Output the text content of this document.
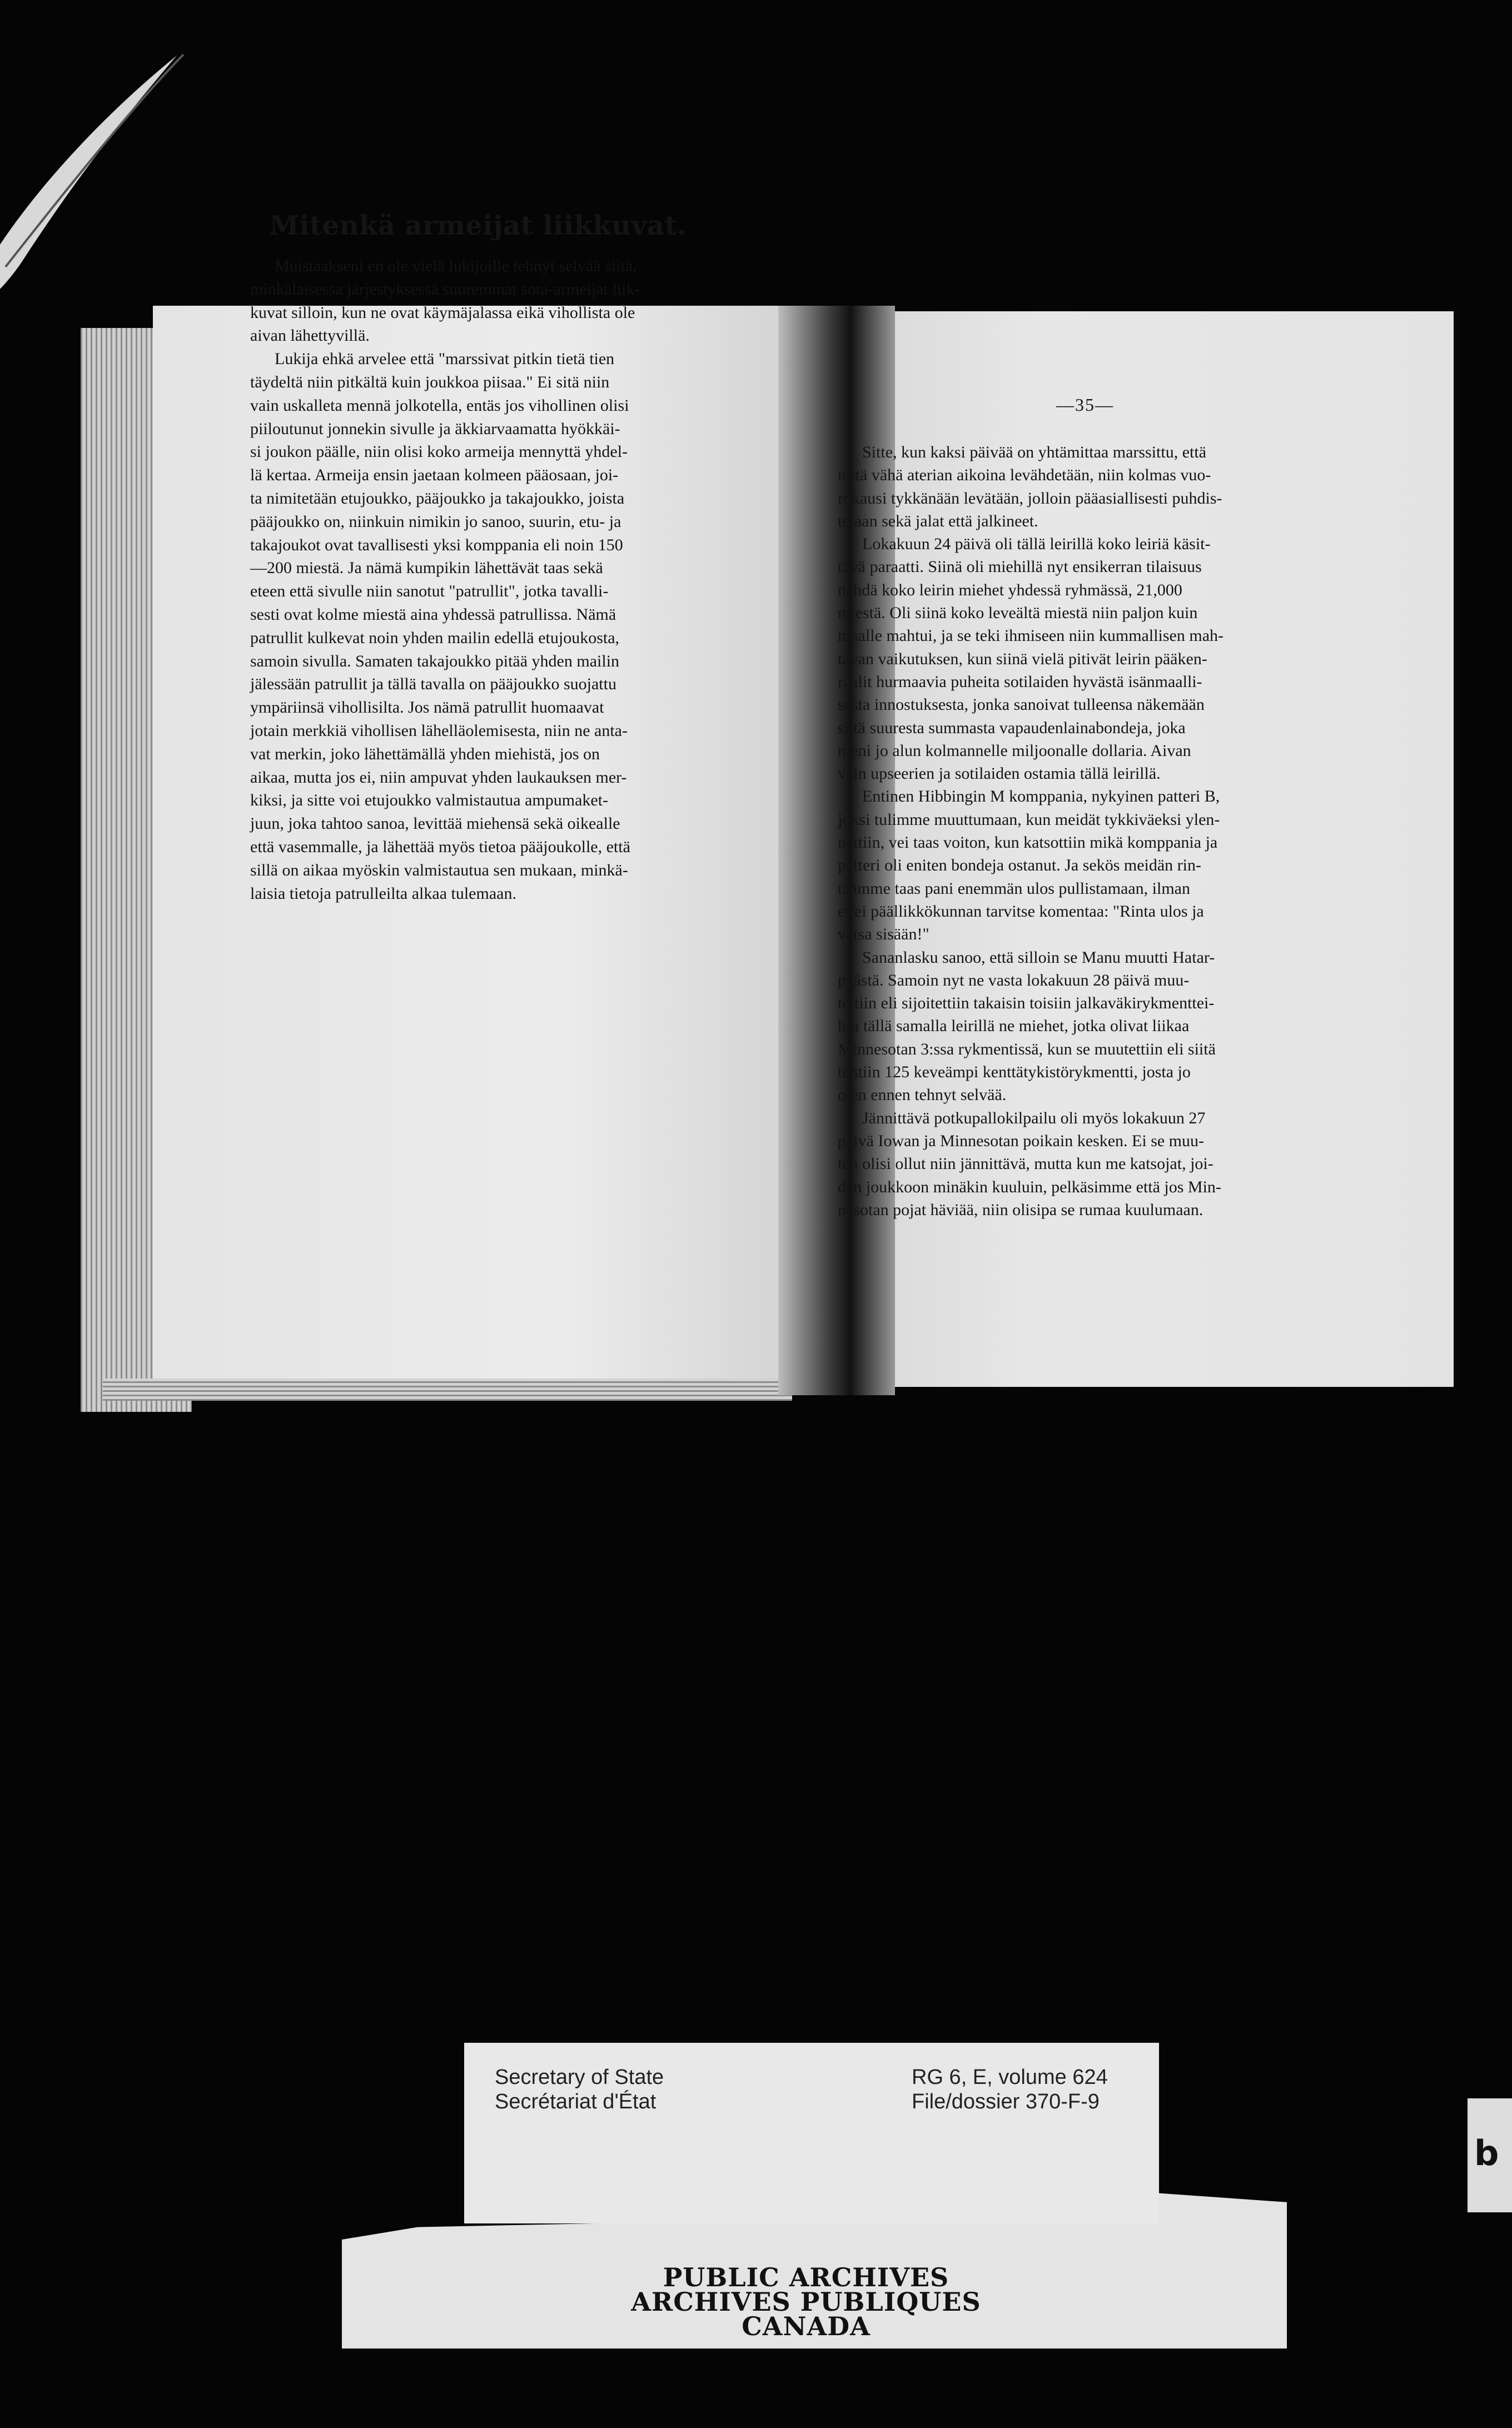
Mitenkä armeijat liikkuvat.
Muistaakseni en ole vielä lukijoille tehnyt selvää siitä,
minkälaisessa järjestyksessä suuremmat sota-armeijat liik-
kuvat silloin, kun ne ovat käymäjalassa eikä vihollista ole
aivan lähettyvillä.
Lukija ehkä arvelee että "marssivat pitkin tietä tien
täydeltä niin pitkältä kuin joukkoa piisaa." Ei sitä niin
vain uskalleta mennä jolkotella, entäs jos vihollinen olisi
piiloutunut jonnekin sivulle ja äkkiarvaamatta hyökkäi-
si joukon päälle, niin olisi koko armeija mennyttä yhdel-
lä kertaa. Armeija ensin jaetaan kolmeen pääosaan, joi-
ta nimitetään etujoukko, pääjoukko ja takajoukko, joista
pääjoukko on, niinkuin nimikin jo sanoo, suurin, etu- ja
takajoukot ovat tavallisesti yksi komppania eli noin 150
—200 miestä. Ja nämä kumpikin lähettävät taas sekä
eteen että sivulle niin sanotut "patrullit", jotka tavalli-
sesti ovat kolme miestä aina yhdessä patrullissa. Nämä
patrullit kulkevat noin yhden mailin edellä etujoukosta,
samoin sivulla. Samaten takajoukko pitää yhden mailin
jälessään patrullit ja tällä tavalla on pääjoukko suojattu
ympäriinsä vihollisilta. Jos nämä patrullit huomaavat
jotain merkkiä vihollisen lähelläolemisesta, niin ne anta-
vat merkin, joko lähettämällä yhden miehistä, jos on
aikaa, mutta jos ei, niin ampuvat yhden laukauksen mer-
kiksi, ja sitte voi etujoukko valmistautua ampumaket-
juun, joka tahtoo sanoa, levittää miehensä sekä oikealle
että vasemmalle, ja lähettää myös tietoa pääjoukolle, että
sillä on aikaa myöskin valmistautua sen mukaan, minkä-
laisia tietoja patrulleilta alkaa tulemaan.
—35—
Sitte, kun kaksi päivää on yhtämittaa marssittu, että
mitä vähä aterian aikoina levähdetään, niin kolmas vuo-
rokausi tykkänään levätään, jolloin pääasiallisesti puhdis-
tetaan sekä jalat että jalkineet.
Lokakuun 24 päivä oli tällä leirillä koko leiriä käsit-
tävä paraatti. Siinä oli miehillä nyt ensikerran tilaisuus
nähdä koko leirin miehet yhdessä ryhmässä, 21,000
miestä. Oli siinä koko leveältä miestä niin paljon kuin
maalle mahtui, ja se teki ihmiseen niin kummallisen mah-
tavan vaikutuksen, kun siinä vielä pitivät leirin pääken-
raalit hurmaavia puheita sotilaiden hyvästä isänmaalli-
sesta innostuksesta, jonka sanoivat tulleensa näkemään
siitä suuresta summasta vapaudenlainabondeja, joka
meni jo alun kolmannelle miljoonalle dollaria. Aivan
vain upseerien ja sotilaiden ostamia tällä leirillä.
Entinen Hibbingin M komppania, nykyinen patteri B,
joksi tulimme muuttumaan, kun meidät tykkiväeksi ylen-
nettiin, vei taas voiton, kun katsottiin mikä komppania ja
patteri oli eniten bondeja ostanut. Ja sekös meidän rin-
taamme taas pani enemmän ulos pullistamaan, ilman
ettei päällikkökunnan tarvitse komentaa: "Rinta ulos ja
vatsa sisään!"
Sananlasku sanoo, että silloin se Manu muutti Hatar-
päästä. Samoin nyt ne vasta lokakuun 28 päivä muu-
tettiin eli sijoitettiin takaisin toisiin jalkaväkirykmenttei-
hin tällä samalla leirillä ne miehet, jotka olivat liikaa
Minnesotan 3:ssa rykmentissä, kun se muutettiin eli siitä
tehtiin 125 keveämpi kenttätykistörykmentti, josta jo
olen ennen tehnyt selvää.
Jännittävä potkupallokilpailu oli myös lokakuun 27
päivä Iowan ja Minnesotan poikain kesken. Ei se muu-
ten olisi ollut niin jännittävä, mutta kun me katsojat, joi-
den joukkoon minäkin kuuluin, pelkäsimme että jos Min-
nesotan pojat häviää, niin olisipa se rumaa kuulumaan.
Secretary of State
Secrétariat d'État
RG 6, E, volume 624
File/dossier 370-F-9
PUBLIC ARCHIVES
ARCHIVES PUBLIQUES
CANADA
b
